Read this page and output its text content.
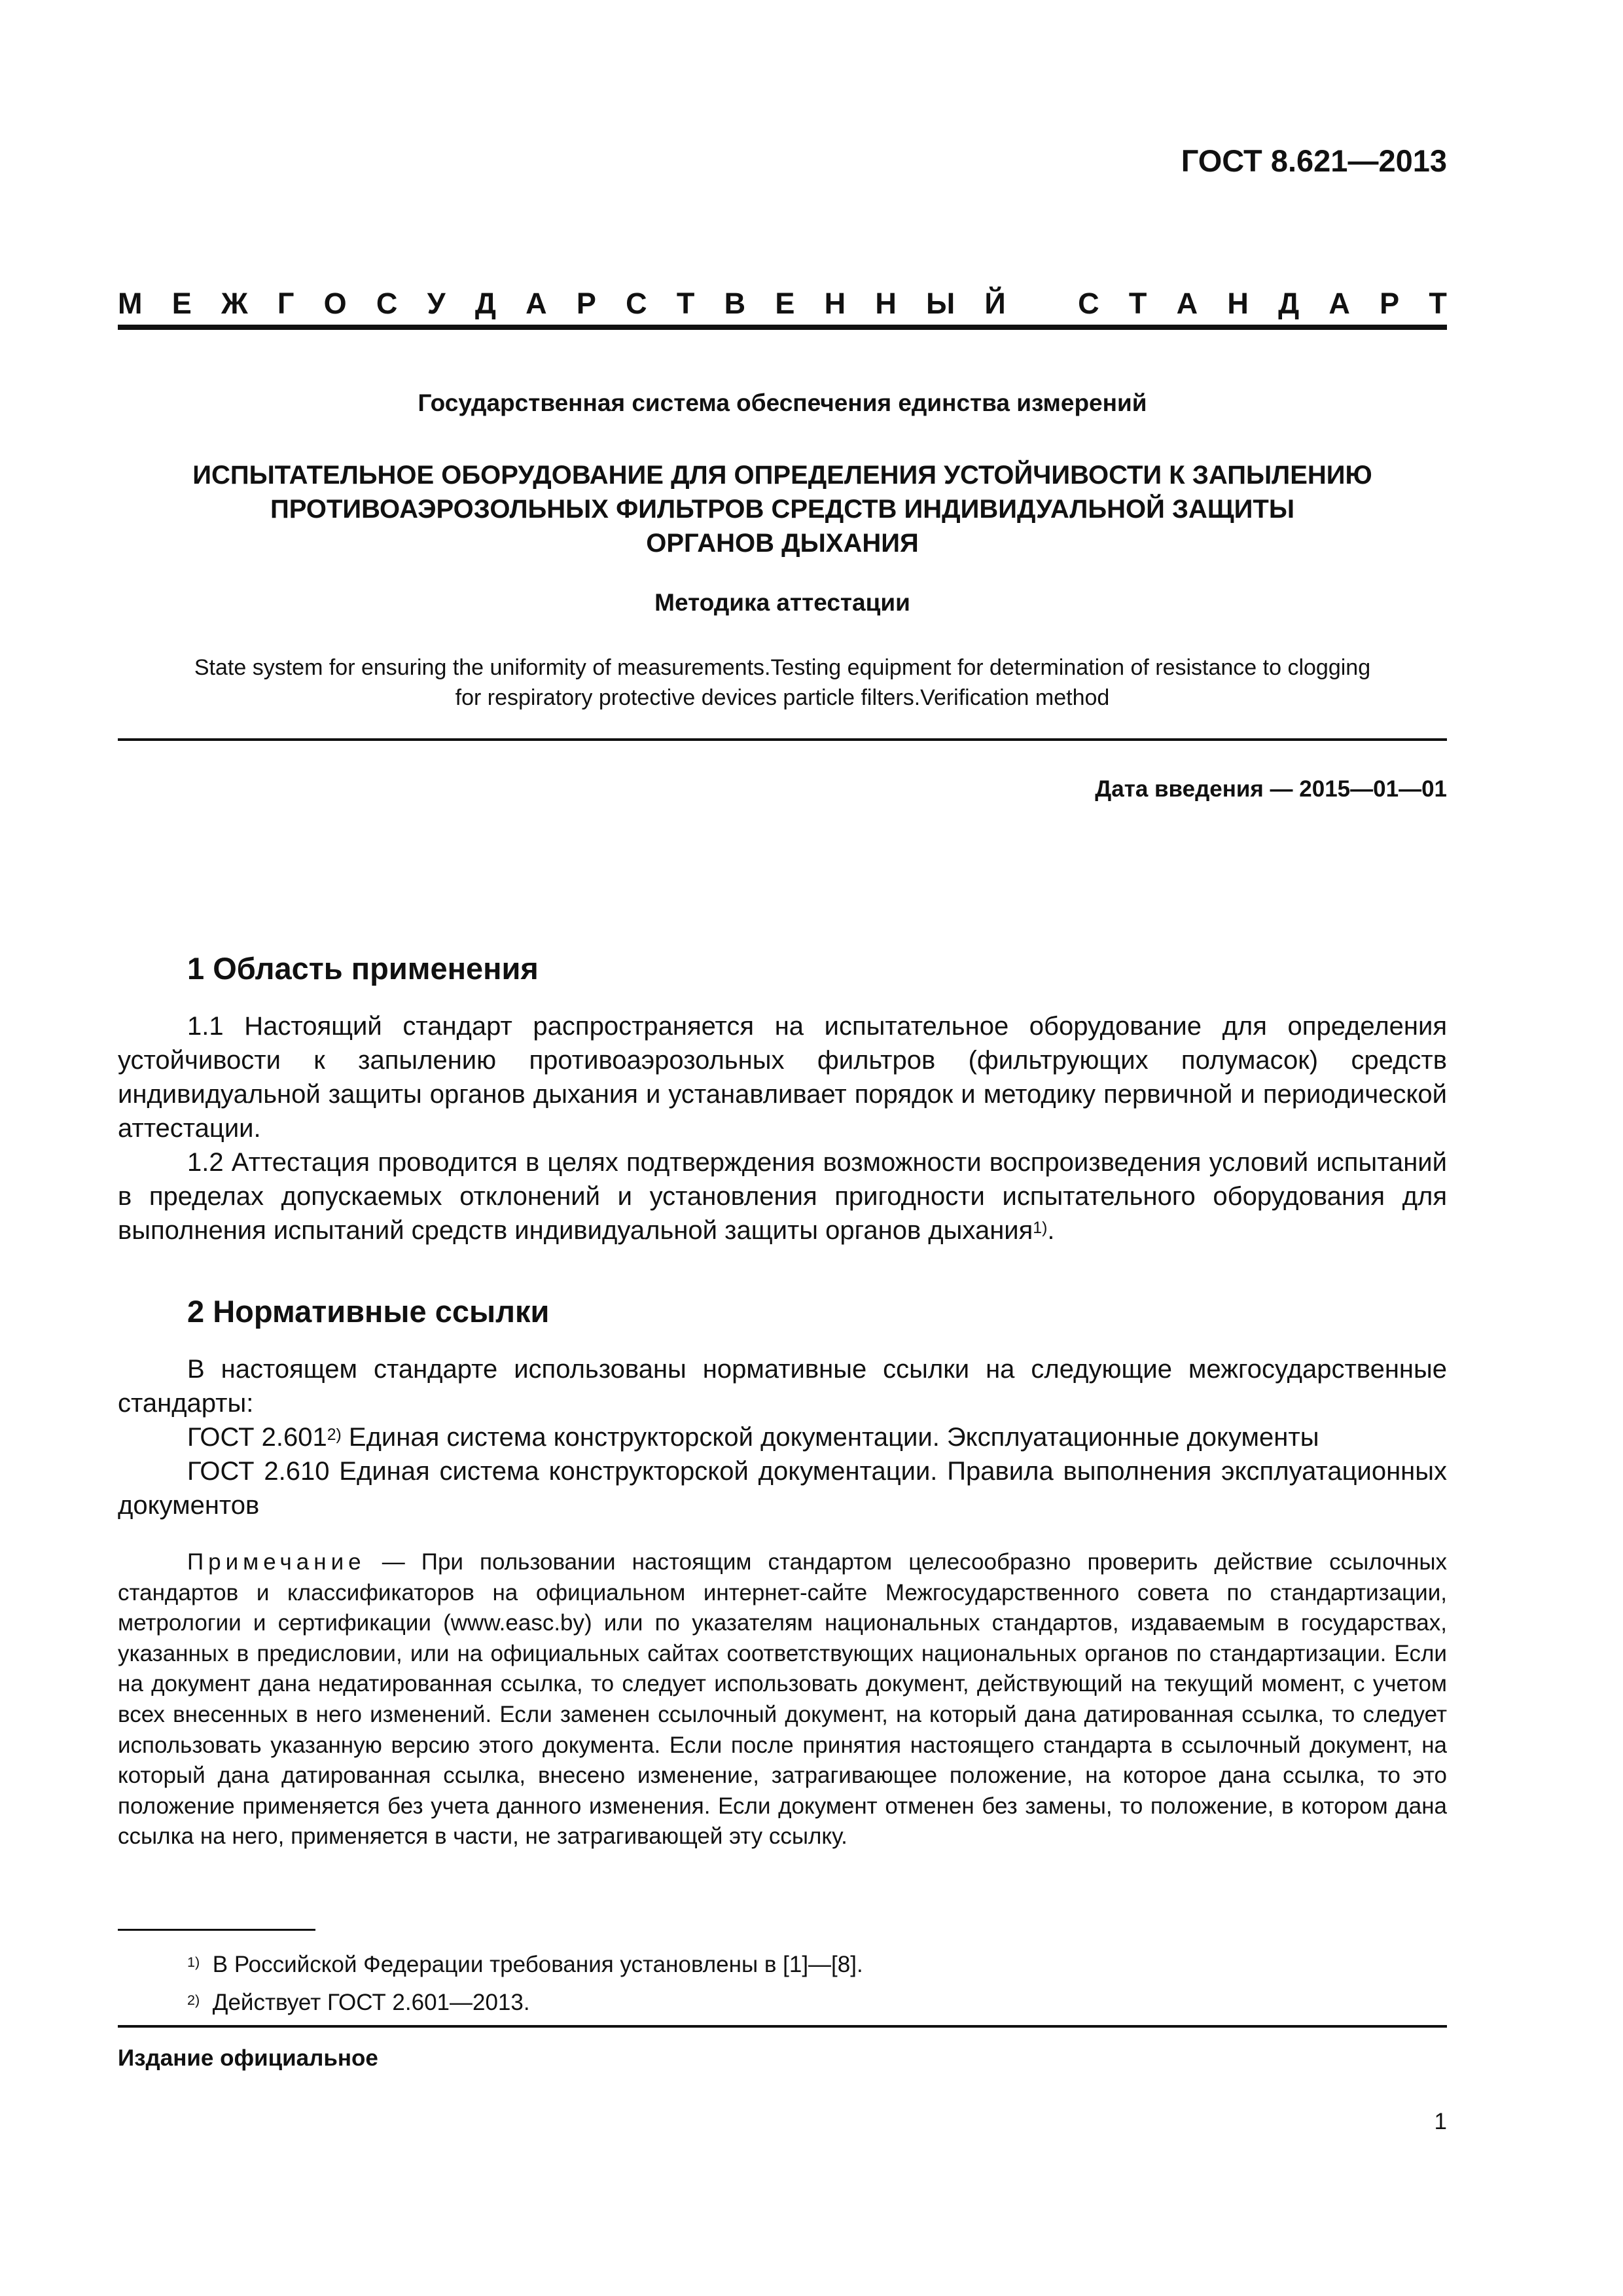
ГОСТ 8.621—2013
М Е Ж Г О С У Д А Р С Т В Е Н Н Ы Й С Т А Н Д А Р Т
Государственная система обеспечения единства измерений
ИСПЫТАТЕЛЬНОЕ ОБОРУДОВАНИЕ ДЛЯ ОПРЕДЕЛЕНИЯ УСТОЙЧИВОСТИ К ЗАПЫЛЕНИЮ
ПРОТИВОАЭРОЗОЛЬНЫХ ФИЛЬТРОВ СРЕДСТВ ИНДИВИДУАЛЬНОЙ ЗАЩИТЫ
ОРГАНОВ ДЫХАНИЯ
Методика аттестации
State system for ensuring the uniformity of measurements.Testing equipment for determination of resistance to clogging
for respiratory protective devices particle filters.Verification method
Дата введения — 2015—01—01
1 Область применения

1.1 Настоящий стандарт распространяется на испытательное оборудование для определения устойчивости к запылению противоаэрозольных фильтров (фильтрующих полумасок) средств индивидуальной защиты органов дыхания и устанавливает порядок и методику первичной и периодической аттестации.

1.2 Аттестация проводится в целях подтверждения возможности воспроизведения условий испытаний в пределах допускаемых отклонений и установления пригодности испытательного оборудования для выполнения испытаний средств индивидуальной защиты органов дыхания$^{1)}$.

2 Нормативные ссылки

В настоящем стандарте использованы нормативные ссылки на следующие межгосударственные стандарты:

ГОСТ 2.601$^{2)}$ Единая система конструкторской документации. Эксплуатационные документы

ГОСТ 2.610 Единая система конструкторской документации. Правила выполнения эксплуатационных документов

Примечание — При пользовании настоящим стандартом целесообразно проверить действие ссылочных стандартов и классификаторов на официальном интернет-сайте Межгосударственного совета по стандартизации, метрологии и сертификации (www.easc.by) или по указателям национальных стандартов, издаваемым в государствах, указанных в предисловии, или на официальных сайтах соответствующих национальных органов по стандартизации. Если на документ дана недатированная ссылка, то следует использовать документ, действующий на текущий момент, с учетом всех внесенных в него изменений. Если заменен ссылочный документ, на который дана датированная ссылка, то следует использовать указанную версию этого документа. Если после принятия настоящего стандарта в ссылочный документ, на который дана датированная ссылка, внесено изменение, затрагивающее положение, на которое дана ссылка, то это положение применяется без учета данного изменения. Если документ отменен без замены, то положение, в котором дана ссылка на него, применяется в части, не затрагивающей эту ссылку.

$^{1)}$ В Российской Федерации требования установлены в [1]—[8].
$^{2)}$ Действует ГОСТ 2.601—2013.
Издание официальное
1
